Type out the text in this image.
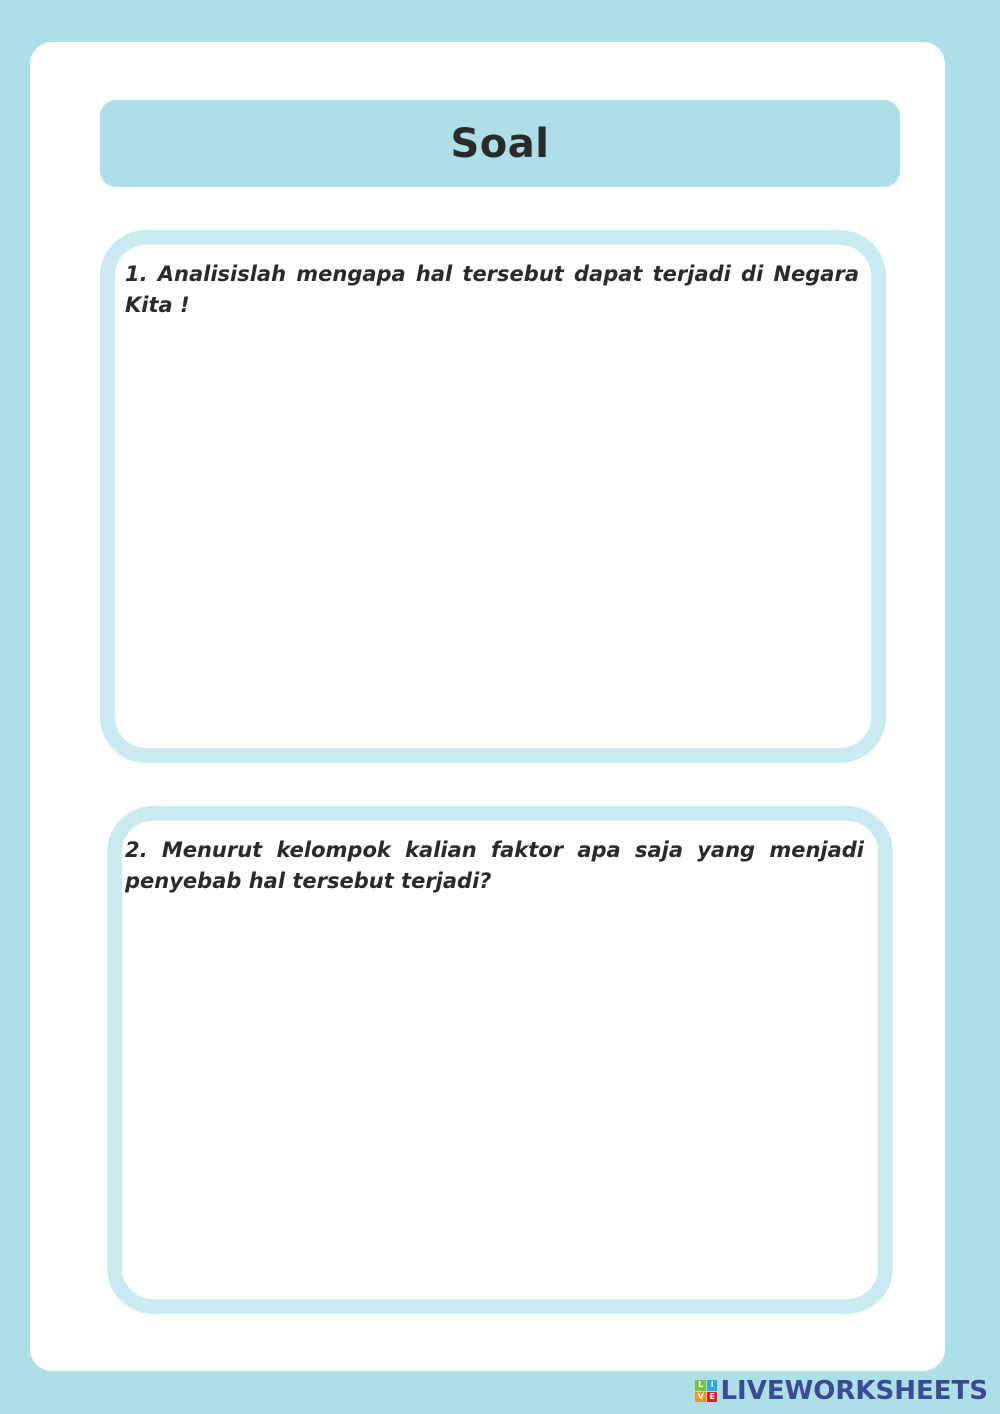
Soal
1. Analisislah mengapa hal tersebut dapat terjadi di Negara Kita !
2. Menurut kelompok kalian faktor apa saja yang menjadi penyebab hal tersebut terjadi?
L I
V E LIVEWORKSHEETS
